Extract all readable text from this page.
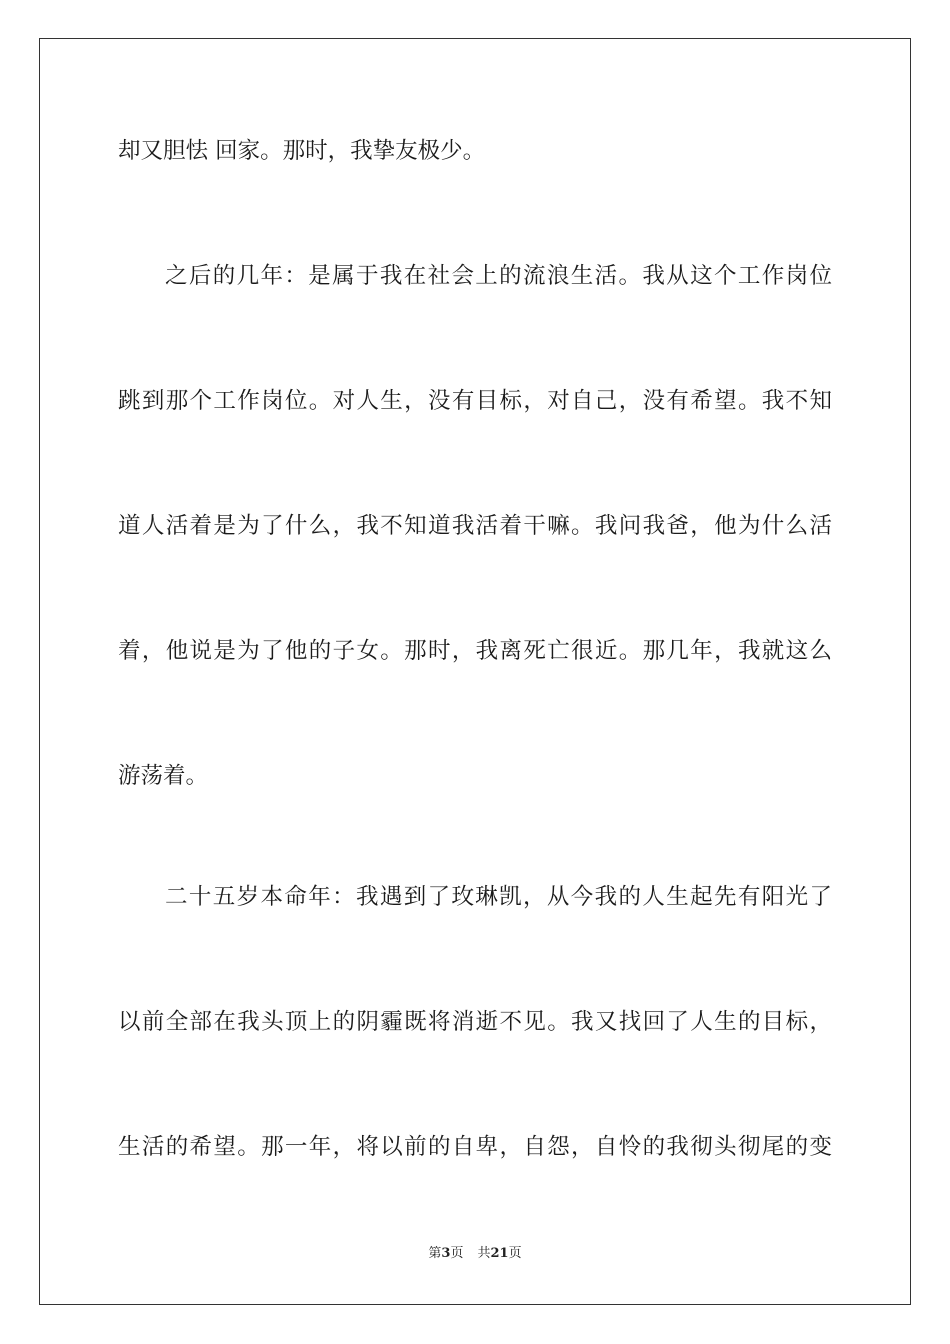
却又胆怯 回家。那时，我挚友极少。
之后的几年：是属于我在社会上的流浪生活。我从这个工作岗位
跳到那个工作岗位。对人生，没有目标，对自己，没有希望。我不知
道人活着是为了什么，我不知道我活着干嘛。我问我爸，他为什么活
着，他说是为了他的子女。那时，我离死亡很近。那几年，我就这么
游荡着。
二十五岁本命年：我遇到了玫琳凯，从今我的人生起先有阳光了
以前全部在我头顶上的阴霾既将消逝不见。我又找回了人生的目标，
生活的希望。那一年，将以前的自卑，自怨，自怜的我彻头彻尾的变
第3页 共21页
